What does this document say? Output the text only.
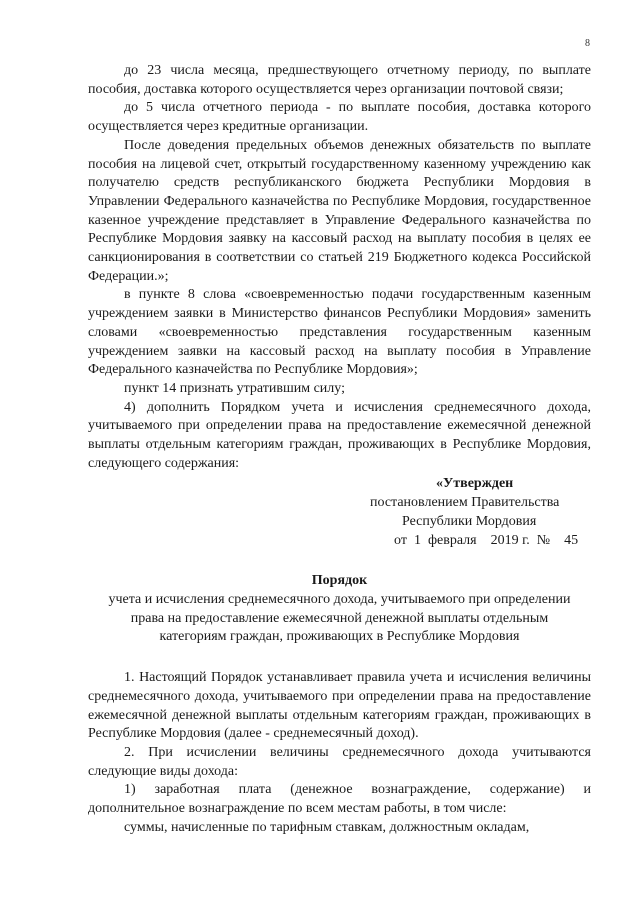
8

до 23 числа месяца, предшествующего отчетному периоду, по выплате пособия, доставка которого осуществляется через организации почтовой связи;

до 5 числа отчетного периода - по выплате пособия, доставка которого осуществляется через кредитные организации.

После доведения предельных объемов денежных обязательств по выплате пособия на лицевой счет, открытый государственному казенному учреждению как получателю средств республиканского бюджета Республики Мордовия в Управлении Федерального казначейства по Республике Мордовия, государственное казенное учреждение представляет в Управление Федерального казначейства по Республике Мордовия заявку на кассовый расход на выплату пособия в целях ее санкционирования в соответствии со статьей 219 Бюджетного кодекса Российской Федерации.»;

в пункте 8 слова «своевременностью подачи государственным казенным учреждением заявки в Министерство финансов Республики Мордовия» заменить словами «своевременностью представления государственным казенным учреждением заявки на кассовый расход на выплату пособия в Управление Федерального казначейства по Республике Мордовия»;

пункт 14 признать утратившим силу;

4) дополнить Порядком учета и исчисления среднемесячного дохода, учитываемого при определении права на предоставление ежемесячной денежной выплаты отдельным категориям граждан, проживающих в Республике Мордовия, следующего содержания:

«Утвержден
постановлением Правительства
Республики Мордовия
от 1 февраля 2019 г. № 45
Порядок
учета и исчисления среднемесячного дохода, учитываемого при определении права на предоставление ежемесячной денежной выплаты отдельным категориям граждан, проживающих в Республике Мордовия

1. Настоящий Порядок устанавливает правила учета и исчисления величины среднемесячного дохода, учитываемого при определении права на предоставление ежемесячной денежной выплаты отдельным категориям граждан, проживающих в Республике Мордовия (далее - среднемесячный доход).

2. При исчислении величины среднемесячного дохода учитываются следующие виды дохода:

1) заработная плата (денежное вознаграждение, содержание) и дополнительное вознаграждение по всем местам работы, в том числе:

суммы, начисленные по тарифным ставкам, должностным окладам,
